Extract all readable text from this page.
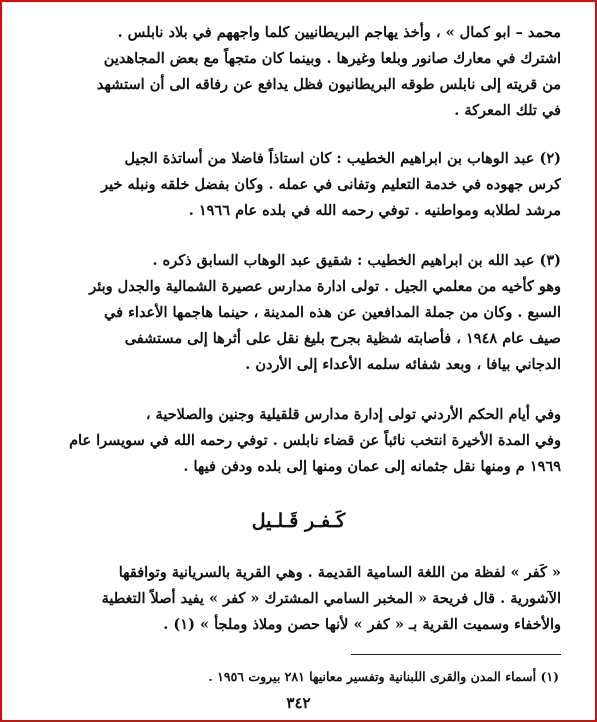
محمد – ابو كمال » ، وأخذ يهاجم البريطانيين كلما واجههم في بلاد نابلس .
اشترك في معارك صانور وبلعا وغيرها . وبينما كان متجهاً مع بعض المجاهدين
من قريته إلى نابلس طوقه البريطانيون فظل يدافع عن رفاقه الى أن استشهد
في تلك المعركة .
(٢) عبد الوهاب بن ابراهيم الخطيب : كان استاذاً فاضلا من أساتذة الجيل
كرس جهوده في خدمة التعليم وتفانى في عمله . وكان بفضل خلقه ونبله خير
مرشد لطلابه ومواطنيه . توفي رحمه الله في بلده عام ١٩٦٦ .
(٣) عبد الله بن ابراهيم الخطيب : شقيق عبد الوهاب السابق ذكره .
وهو كأخيه من معلمي الجيل . تولى ادارة مدارس عصيرة الشمالية والجدل وبئر
السبع . وكان من جملة المدافعين عن هذه المدينة ، حينما هاجمها الأعداء في
صيف عام ١٩٤٨ ، فأصابته شظية بجرح بليغ نقل على أثرها إلى مستشفى
الدجاني بيافا ، وبعد شفائه سلمه الأعداء إلى الأردن .
وفي أيام الحكم الأردني تولى إدارة مدارس قلقيلية وجنين والصلاحية ،
وفي المدة الأخيرة انتخب نائباً عن قضاء نابلس . توفي رحمه الله في سويسرا عام
١٩٦٩ م ومنها نقل جثمانه إلى عمان ومنها إلى بلده ودفن فيها .
كَـفـر قَـلـيل
« كَفر » لفظة من اللغة السامية القديمة . وهي القرية بالسريانية وتوافقها
الآشورية . قال فريحة « المخبر السامي المشترك « كفر » يفيد أصلاً التغطية
والأخفاء وسميت القرية بـ « كفر » لأنها حصن وملاذ وملجأ » (١) .
(١) أسماء المدن والقرى اللبنانية وتفسير معانيها ٢٨١ بيروت ١٩٥٦ .
٣٤٢
